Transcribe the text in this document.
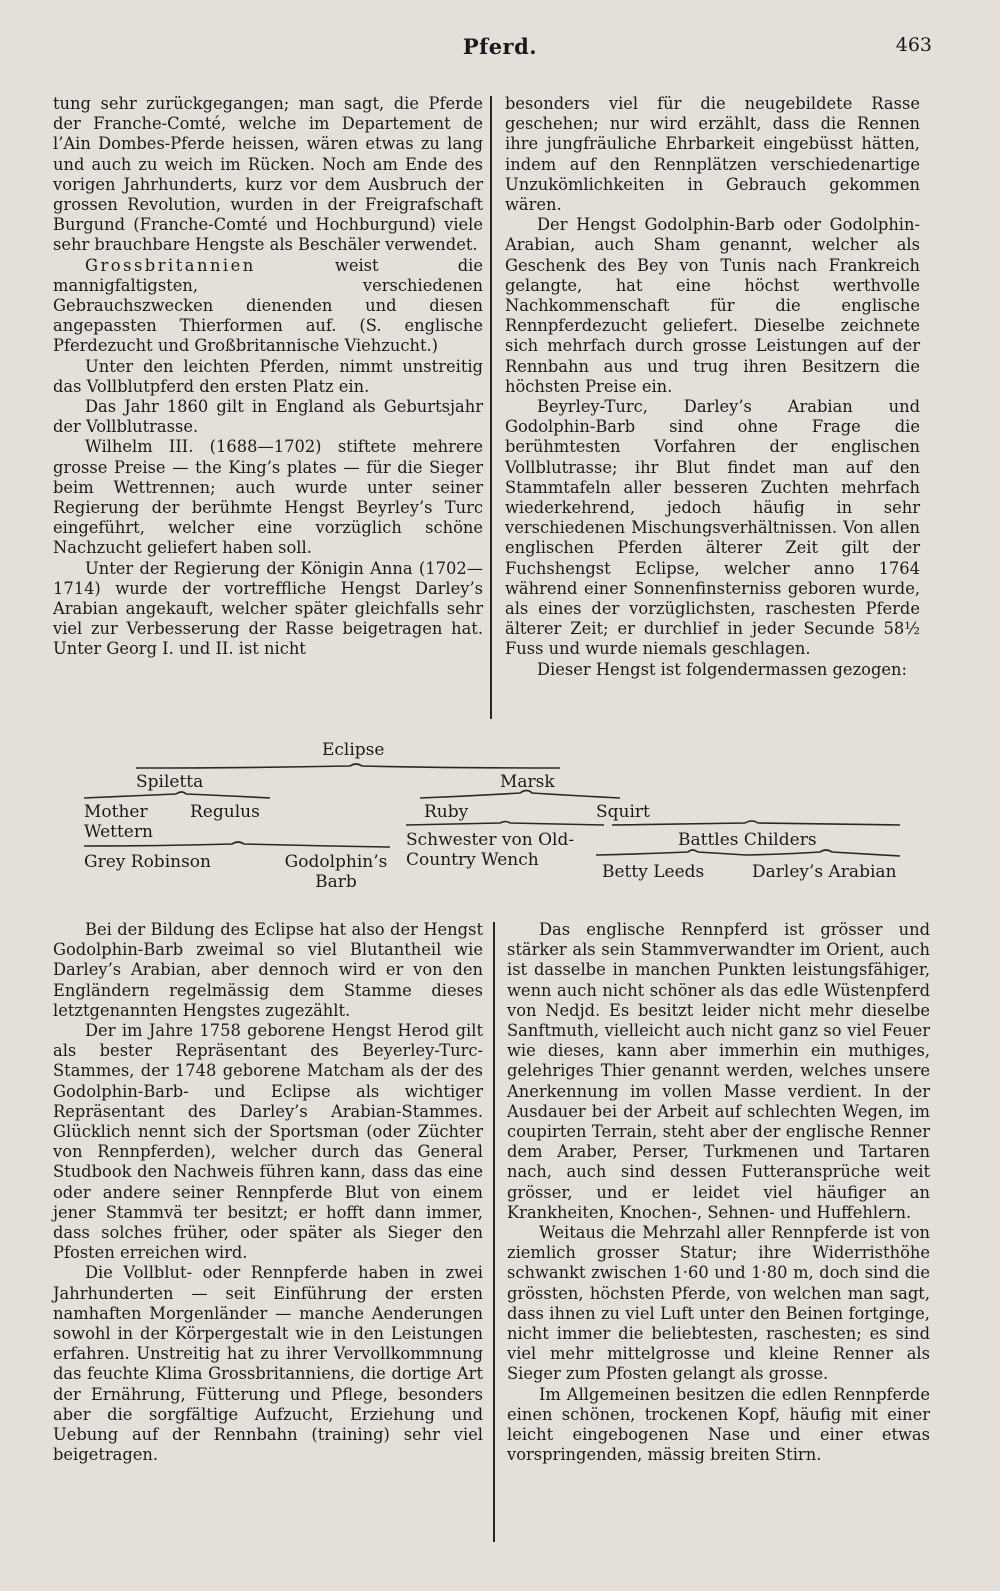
Pferd.	463

tung sehr zurückgegangen; man sagt, die Pferde der Franche-Comté, welche im Departement de l’Ain Dombes-Pferde heissen, wären etwas zu lang und auch zu weich im Rücken. Noch am Ende des vorigen Jahrhunderts, kurz vor dem Ausbruch der grossen Revolution, wurden in der Freigrafschaft Burgund (Franche-Comté und Hochburgund) viele sehr brauchbare Hengste als Beschäler verwendet.

Grossbritannien	weist die mannigfaltigsten, verschiedenen Gebrauchszwecken dienenden und diesen angepassten Thierformen auf. (S. englische Pferdezucht und Großbritannische Viehzucht.)

Unter den leichten Pferden, nimmt unstreitig das Vollblutpferd den ersten Platz ein.

Das Jahr 1860 gilt in England als Geburtsjahr der Vollblutrasse.

Wilhelm III. (1688—1702) stiftete mehrere grosse Preise — the King’s plates — für die Sieger beim Wettrennen; auch wurde unter seiner Regierung der berühmte Hengst Beyrley’s Turc eingeführt, welcher eine vorzüglich schöne Nachzucht geliefert haben soll.

Unter der Regierung der Königin Anna (1702—1714) wurde der vortreffliche Hengst Darley’s Arabian angekauft, welcher später gleichfalls sehr viel zur Verbesserung der Rasse beigetragen hat. Unter Georg I. und II. ist nicht

besonders viel für die neugebildete Rasse geschehen; nur wird erzählt, dass die Rennen ihre jungfräuliche Ehrbarkeit eingebüsst hätten, indem auf den Rennplätzen verschiedenartige Unzukömlichkeiten in Gebrauch gekommen wären.

Der Hengst Godolphin-Barb oder Godolphin-Arabian, auch Sham genannt, welcher als Geschenk des Bey von Tunis nach Frankreich gelangte, hat eine höchst werthvolle Nachkommenschaft für die englische Rennpferdezucht geliefert. Dieselbe zeichnete sich mehrfach durch grosse Leistungen auf der Rennbahn aus und trug ihren Besitzern die höchsten Preise ein.

Beyrley-Turc, Darley’s Arabian und Godolphin-Barb sind ohne Frage die berühmtesten Vorfahren der englischen Vollblutrasse; ihr Blut findet man auf den Stammtafeln aller besseren Zuchten mehrfach wiederkehrend, jedoch häufig in sehr verschiedenen Mischungsverhältnissen. Von allen englischen Pferden älterer Zeit gilt der Fuchshengst Eclipse, welcher anno 1764 während einer Sonnenfinsterniss geboren wurde, als eines der vorzüglichsten, raschesten Pferde älterer Zeit; er durchlief in jeder Secunde 58½ Fuss und wurde niemals geschlagen.

Dieser Hengst ist folgendermassen gezogen:

Eclipse
Spiletta	Marsk
Mother Wettern
Regulus	Ruby	Squirt
Schwester von Old-Country Wench
Battles Childers
Grey Robinson	Godolphin’s Barb	Betty Leeds	Darley’s Arabian

Bei der Bildung des Eclipse hat also der Hengst Godolphin-Barb zweimal so viel Blutantheil wie Darley’s Arabian, aber dennoch wird er von den Engländern regelmässig dem Stamme dieses letztgenannten Hengstes zugezählt.

Der im Jahre 1758 geborene Hengst Herod gilt als bester Repräsentant des Beyerley-Turc-Stammes, der 1748 geborene Matcham als der des Godolphin-Barb- und Eclipse als wichtiger Repräsentant des Darley’s Arabian-Stammes. Glücklich nennt sich der Sportsman (oder Züchter von Rennpferden), welcher durch das General Studbook den Nachweis führen kann, dass das eine oder andere seiner Rennpferde Blut von einem jener Stammvä ter besitzt; er hofft dann immer, dass solches früher, oder später als Sieger den Pfosten erreichen wird.

Die Vollblut- oder Rennpferde haben in zwei Jahrhunderten — seit Einführung der ersten namhaften Morgenländer — manche Aenderungen sowohl in der Körpergestalt wie in den Leistungen erfahren. Unstreitig hat zu ihrer Vervollkommnung das feuchte Klima Grossbritanniens, die dortige Art der Ernährung, Fütterung und Pflege, besonders aber die sorgfältige Aufzucht, Erziehung und Uebung auf der Rennbahn (training) sehr viel beigetragen.

Das englische Rennpferd ist grösser und stärker als sein Stammverwandter im Orient, auch ist dasselbe in manchen Punkten leistungsfähiger, wenn auch nicht schöner als das edle Wüstenpferd von Nedjd. Es besitzt leider nicht mehr dieselbe Sanftmuth, vielleicht auch nicht ganz so viel Feuer wie dieses, kann aber immerhin ein muthiges, gelehriges Thier genannt werden, welches unsere Anerkennung im vollen Masse verdient. In der Ausdauer bei der Arbeit auf schlechten Wegen, im coupirten Terrain, steht aber der englische Renner dem Araber, Perser, Turkmenen und Tartaren nach, auch sind dessen Futteransprüche weit grösser, und er leidet viel häufiger an Krankheiten, Knochen-, Sehnen- und Huffehlern.

Weitaus die Mehrzahl aller Rennpferde ist von ziemlich grosser Statur; ihre Widerristhöhe schwankt zwischen 1·60 und 1·80 m, doch sind die grössten, höchsten Pferde, von welchen man sagt, dass ihnen zu viel Luft unter den Beinen fortginge, nicht immer die beliebtesten, raschesten; es sind viel mehr mittelgrosse und kleine Renner als Sieger zum Pfosten gelangt als grosse.

Im Allgemeinen besitzen die edlen Rennpferde einen schönen, trockenen Kopf, häufig mit einer leicht eingebogenen Nase und einer etwas vorspringenden, mässig breiten Stirn.
